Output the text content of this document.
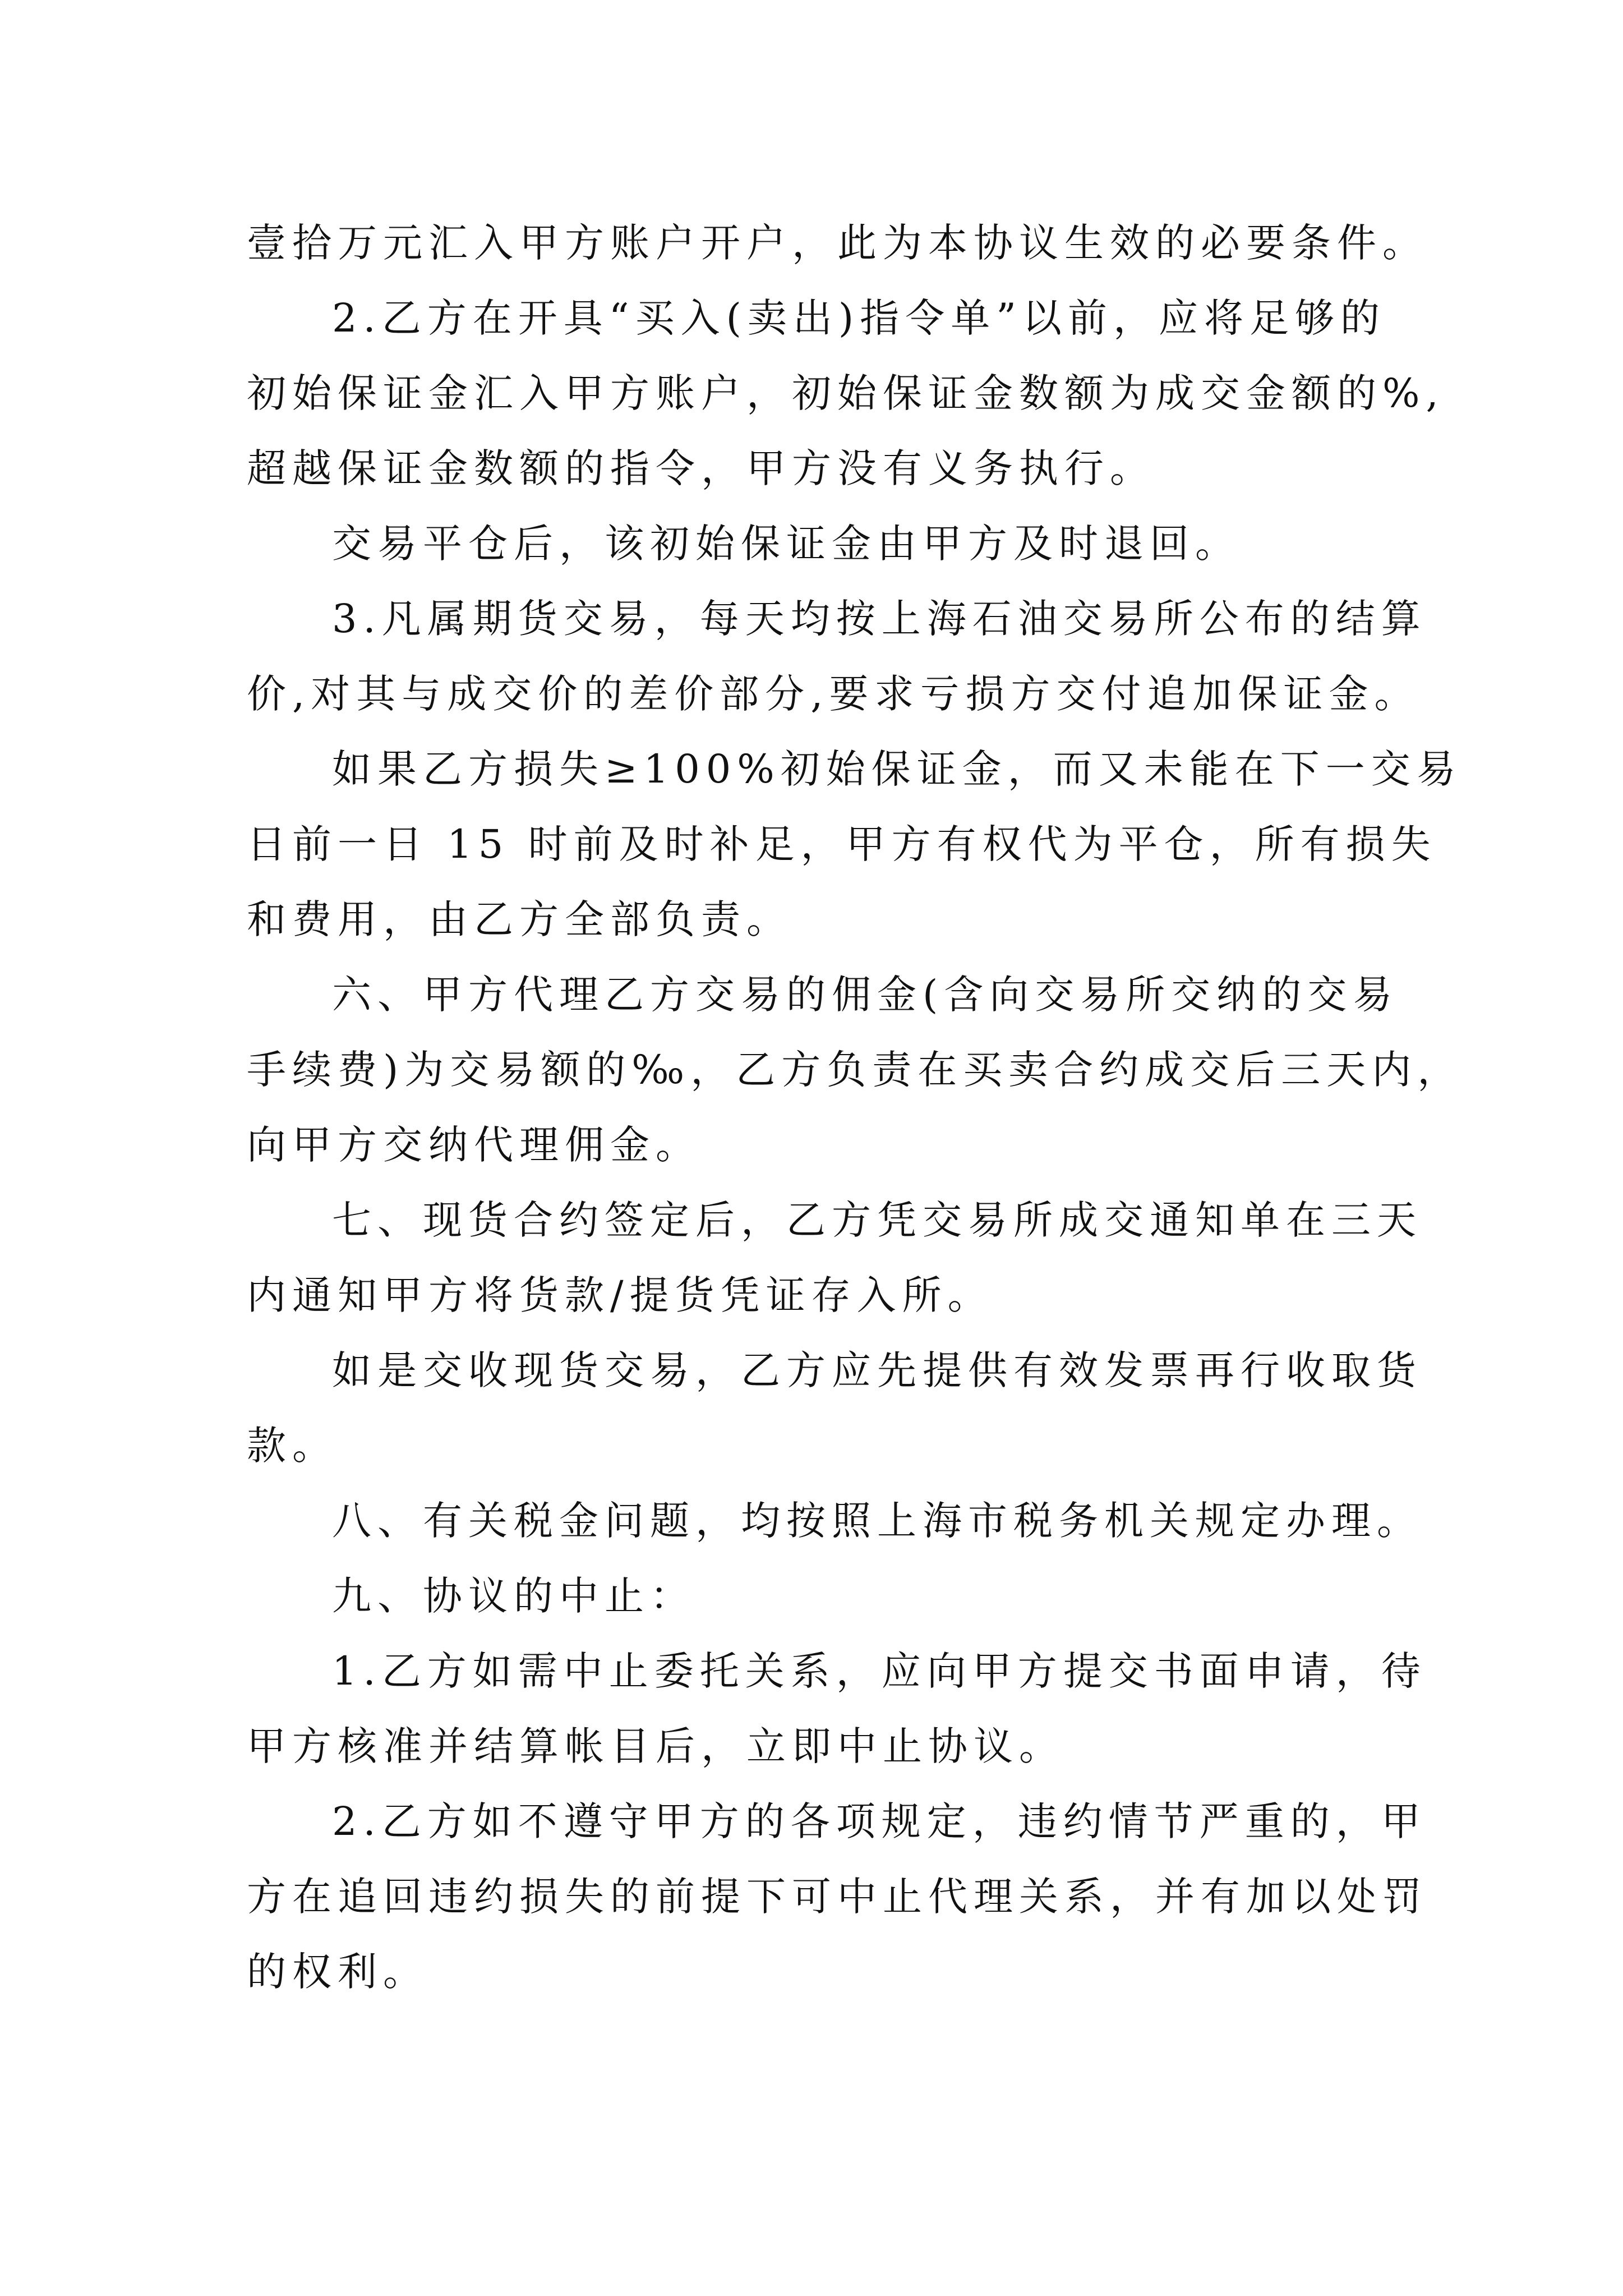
壹拾万元汇入甲方账户开户，此为本协议生效的必要条件。

2.乙方在开具“买入(卖出)指令单”以前，应将足够的

初始保证金汇入甲方账户，初始保证金数额为成交金额的%,

超越保证金数额的指令，甲方没有义务执行。

交易平仓后，该初始保证金由甲方及时退回。

3.凡属期货交易，每天均按上海石油交易所公布的结算

价,对其与成交价的差价部分,要求亏损方交付追加保证金。

如果乙方损失≥100%初始保证金，而又未能在下一交易

日前一日 15 时前及时补足，甲方有权代为平仓，所有损失

和费用，由乙方全部负责。

六、甲方代理乙方交易的佣金(含向交易所交纳的交易

手续费)为交易额的‰，乙方负责在买卖合约成交后三天内，

向甲方交纳代理佣金。

七、现货合约签定后，乙方凭交易所成交通知单在三天

内通知甲方将货款/提货凭证存入所。

如是交收现货交易，乙方应先提供有效发票再行收取货

款。

八、有关税金问题，均按照上海市税务机关规定办理。

九、协议的中止：

1.乙方如需中止委托关系，应向甲方提交书面申请，待

甲方核准并结算帐目后，立即中止协议。

2.乙方如不遵守甲方的各项规定，违约情节严重的，甲

方在追回违约损失的前提下可中止代理关系，并有加以处罚

的权利。
